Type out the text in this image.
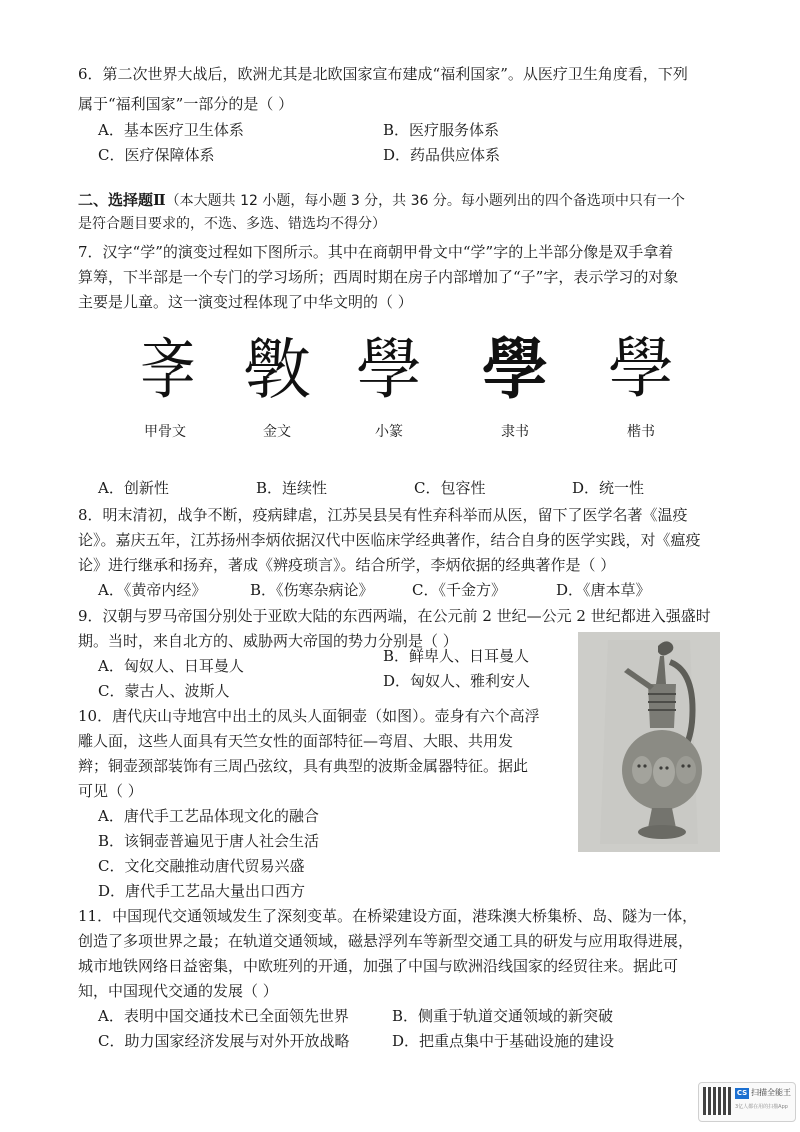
6．第二次世界大战后，欧洲尤其是北欧国家宣布建成“福利国家”。从医疗卫生角度看，下列
属于“福利国家”一部分的是（ ）
A．基本医疗卫生体系	B．医疗服务体系
C．医疗保障体系	D．药品供应体系
二、选择题Ⅱ（本大题共 12 小题，每小题 3 分，共 36 分。每小题列出的四个备选项中只有一个
是符合题目要求的，不选、多选、错选均不得分）
7．汉字“学”的演变过程如下图所示。其中在商朝甲骨文中“学”字的上半部分像是双手拿着
算筹，下半部是一个专门的学习场所；西周时期在房子内部增加了“子”字，表示学习的对象
主要是儿童。这一演变过程体现了中华文明的（ ）
斈
甲骨文
斆
金文
學
小篆
學
隶书
學
楷书
A．创新性	B．连续性	C．包容性	D．统一性
8．明末清初，战争不断，疫病肆虐，江苏吴县吴有性弃科举而从医，留下了医学名著《温疫
论》。嘉庆五年，江苏扬州李炳依据汉代中医临床学经典著作，结合自身的医学实践，对《瘟疫
论》进行继承和扬弃，著成《辨疫琐言》。结合所学，李炳依据的经典著作是（ ）
A．《黄帝内经》	B．《伤寒杂病论》	C．《千金方》	D．《唐本草》
9．汉朝与罗马帝国分别处于亚欧大陆的东西两端，在公元前 2 世纪—公元 2 世纪都进入强盛时
期。当时，来自北方的、威胁两大帝国的势力分别是（ ）
A．匈奴人、日耳曼人
B．鲜卑人、日耳曼人
C．蒙古人、波斯人
D．匈奴人、雅利安人
10．唐代庆山寺地宫中出土的凤头人面铜壶（如图）。壶身有六个高浮
雕人面，这些人面具有天竺女性的面部特征—弯眉、大眼、共用发
辫；铜壶颈部装饰有三周凸弦纹，具有典型的波斯金属器特征。据此
可见（ ）
A．唐代手工艺品体现文化的融合
B．该铜壶普遍见于唐人社会生活
C．文化交融推动唐代贸易兴盛
D．唐代手工艺品大量出口西方
11．中国现代交通领域发生了深刻变革。在桥梁建设方面，港珠澳大桥集桥、岛、隧为一体，
创造了多项世界之最；在轨道交通领域，磁悬浮列车等新型交通工具的研发与应用取得进展，
城市地铁网络日益密集，中欧班列的开通，加强了中国与欧洲沿线国家的经贸往来。据此可
知，中国现代交通的发展（ ）
A．表明中国交通技术已全面领先世界	B．侧重于轨道交通领域的新突破
C．助力国家经济发展与对外开放战略	D．把重点集中于基础设施的建设
CS 扫描全能王
3亿人都在用的扫描App
